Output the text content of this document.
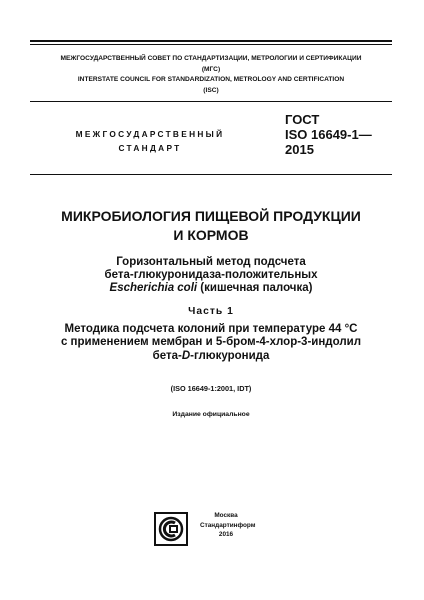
МЕЖГОСУДАРСТВЕННЫЙ СОВЕТ ПО СТАНДАРТИЗАЦИИ, МЕТРОЛОГИИ И СЕРТИФИКАЦИИ
(МГС)
INTERSTATE COUNCIL FOR STANDARDIZATION, METROLOGY AND CERTIFICATION
(ISC)
МЕЖГОСУДАРСТВЕННЫЙ
СТАНДАРТ
ГОСТ
ISO 16649-1—
2015
МИКРОБИОЛОГИЯ ПИЩЕВОЙ ПРОДУКЦИИ
И КОРМОВ
Горизонтальный метод подсчета
бета-глюкуронидаза-положительных
Escherichia coli (кишечная палочка)
Часть 1
Методика подсчета колоний при температуре 44 °С
с применением мембран и 5-бром-4-хлор-3-индолил
бета-D-глюкуронида
(ISO 16649-1:2001, IDT)
Издание официальное
Москва
Стандартинформ
2016
